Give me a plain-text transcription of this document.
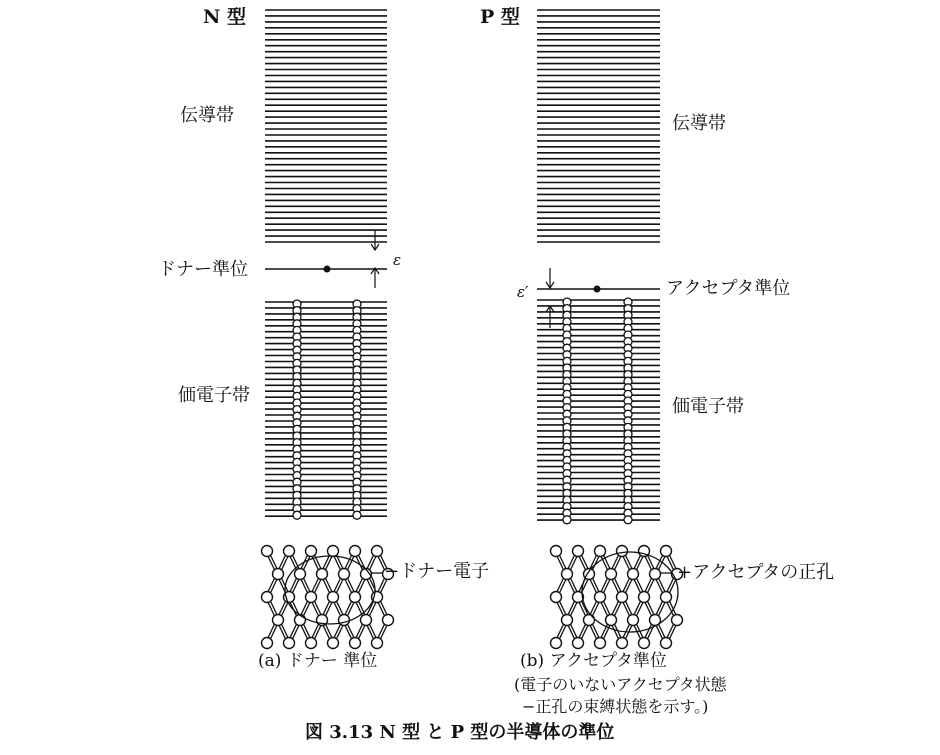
N 型
伝導帯
ドナー準位	ε
価電子帯
−ドナー電子
(a) ドナー 準位
P 型
伝導帯
アクセプタ準位
ε′
価電子帯
+アクセプタの正孔
(b) アクセプタ準位
(電子のいないアクセプタ状態
−正孔の束縛状態を示す。)
図 3.13 N 型 と P 型の半導体の準位
